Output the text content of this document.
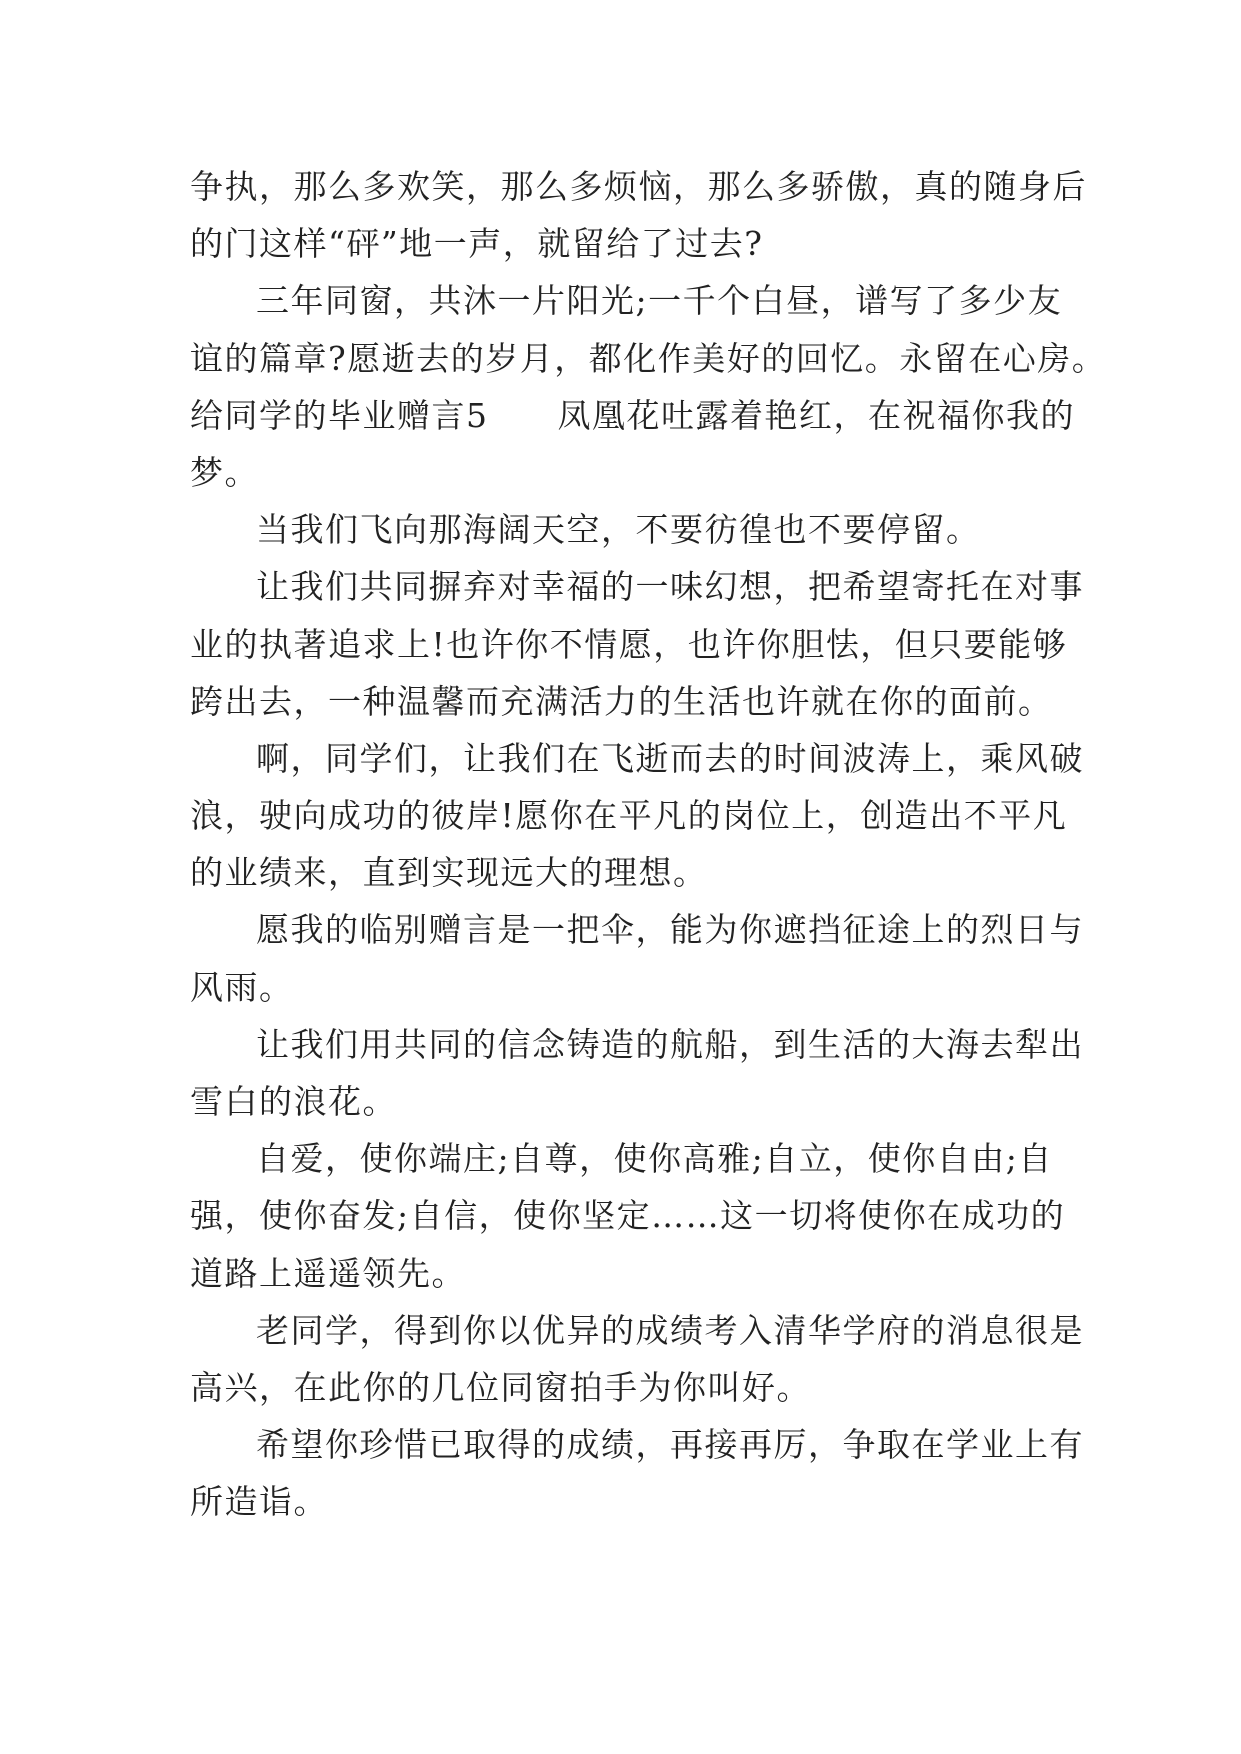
争执，那么多欢笑，那么多烦恼，那么多骄傲，真的随身后
的门这样“砰”地一声，就留给了过去?
三年同窗，共沐一片阳光;一千个白昼，谱写了多少友
谊的篇章?愿逝去的岁月，都化作美好的回忆。永留在心房。
给同学的毕业赠言5　　凤凰花吐露着艳红，在祝福你我的
梦。
当我们飞向那海阔天空，不要彷徨也不要停留。
让我们共同摒弃对幸福的一味幻想，把希望寄托在对事
业的执著追求上!也许你不情愿，也许你胆怯，但只要能够
跨出去，一种温馨而充满活力的生活也许就在你的面前。
啊，同学们，让我们在飞逝而去的时间波涛上，乘风破
浪，驶向成功的彼岸!愿你在平凡的岗位上，创造出不平凡
的业绩来，直到实现远大的理想。
愿我的临别赠言是一把伞，能为你遮挡征途上的烈日与
风雨。
让我们用共同的信念铸造的航船，到生活的大海去犁出
雪白的浪花。
自爱，使你端庄;自尊，使你高雅;自立，使你自由;自
强，使你奋发;自信，使你坚定……这一切将使你在成功的
道路上遥遥领先。
老同学，得到你以优异的成绩考入清华学府的消息很是
高兴，在此你的几位同窗拍手为你叫好。
希望你珍惜已取得的成绩，再接再厉，争取在学业上有
所造诣。
